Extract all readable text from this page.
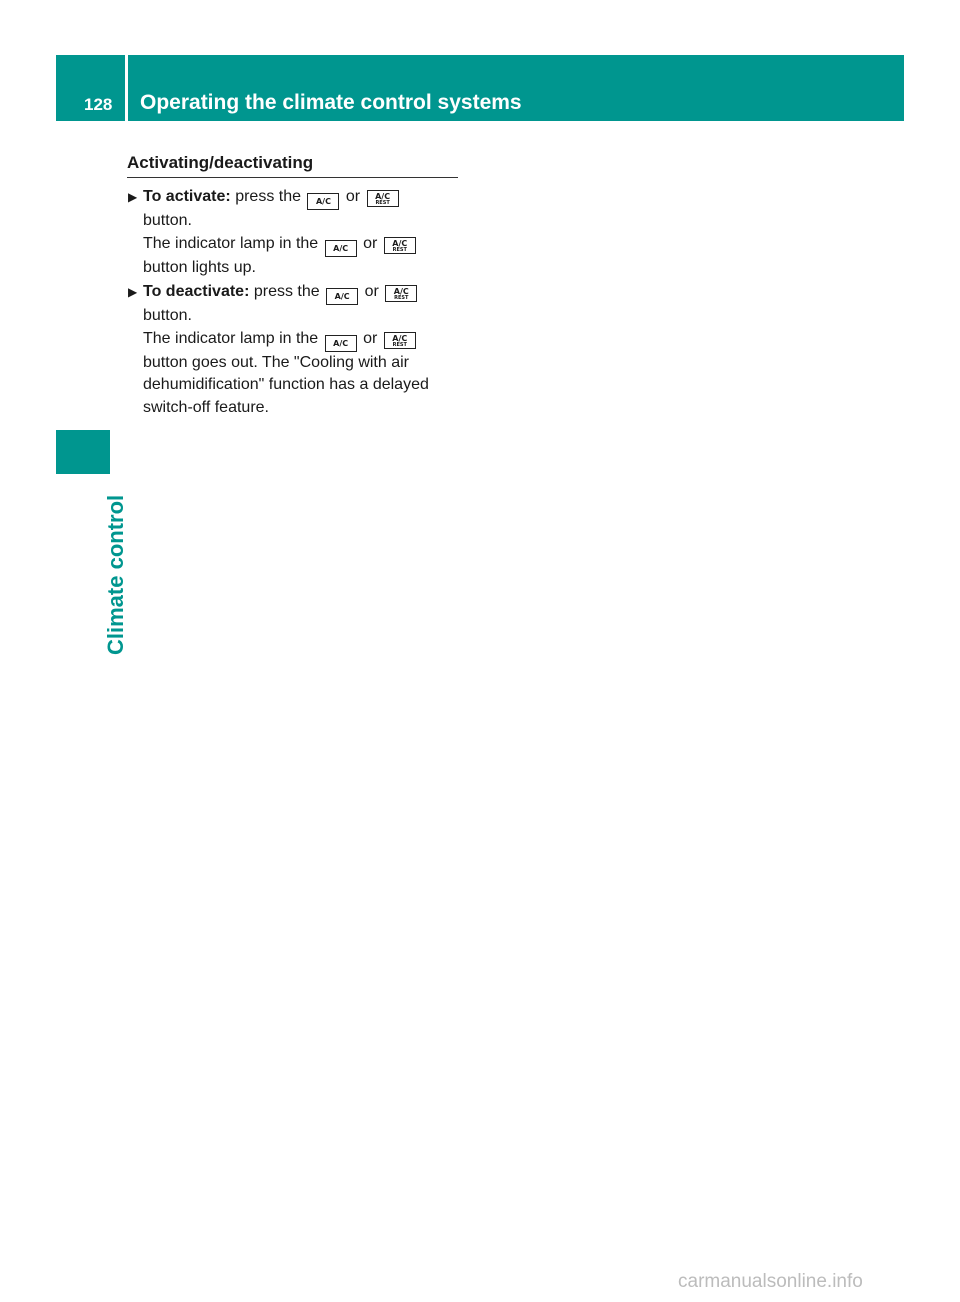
128 Operating the climate control systems
Climate control
Activating/deactivating
▶ To activate: press the A/C or	A/C
REST

button.
The indicator lamp in the A/C or	A/C
REST

button lights up.
▶ To deactivate: press the A/C or	A/C
REST

button.
The indicator lamp in the A/C or	A/C
REST

button goes out. The "Cooling with air dehumidification" function has a delayed switch-off feature.
carmanualsonline.info
